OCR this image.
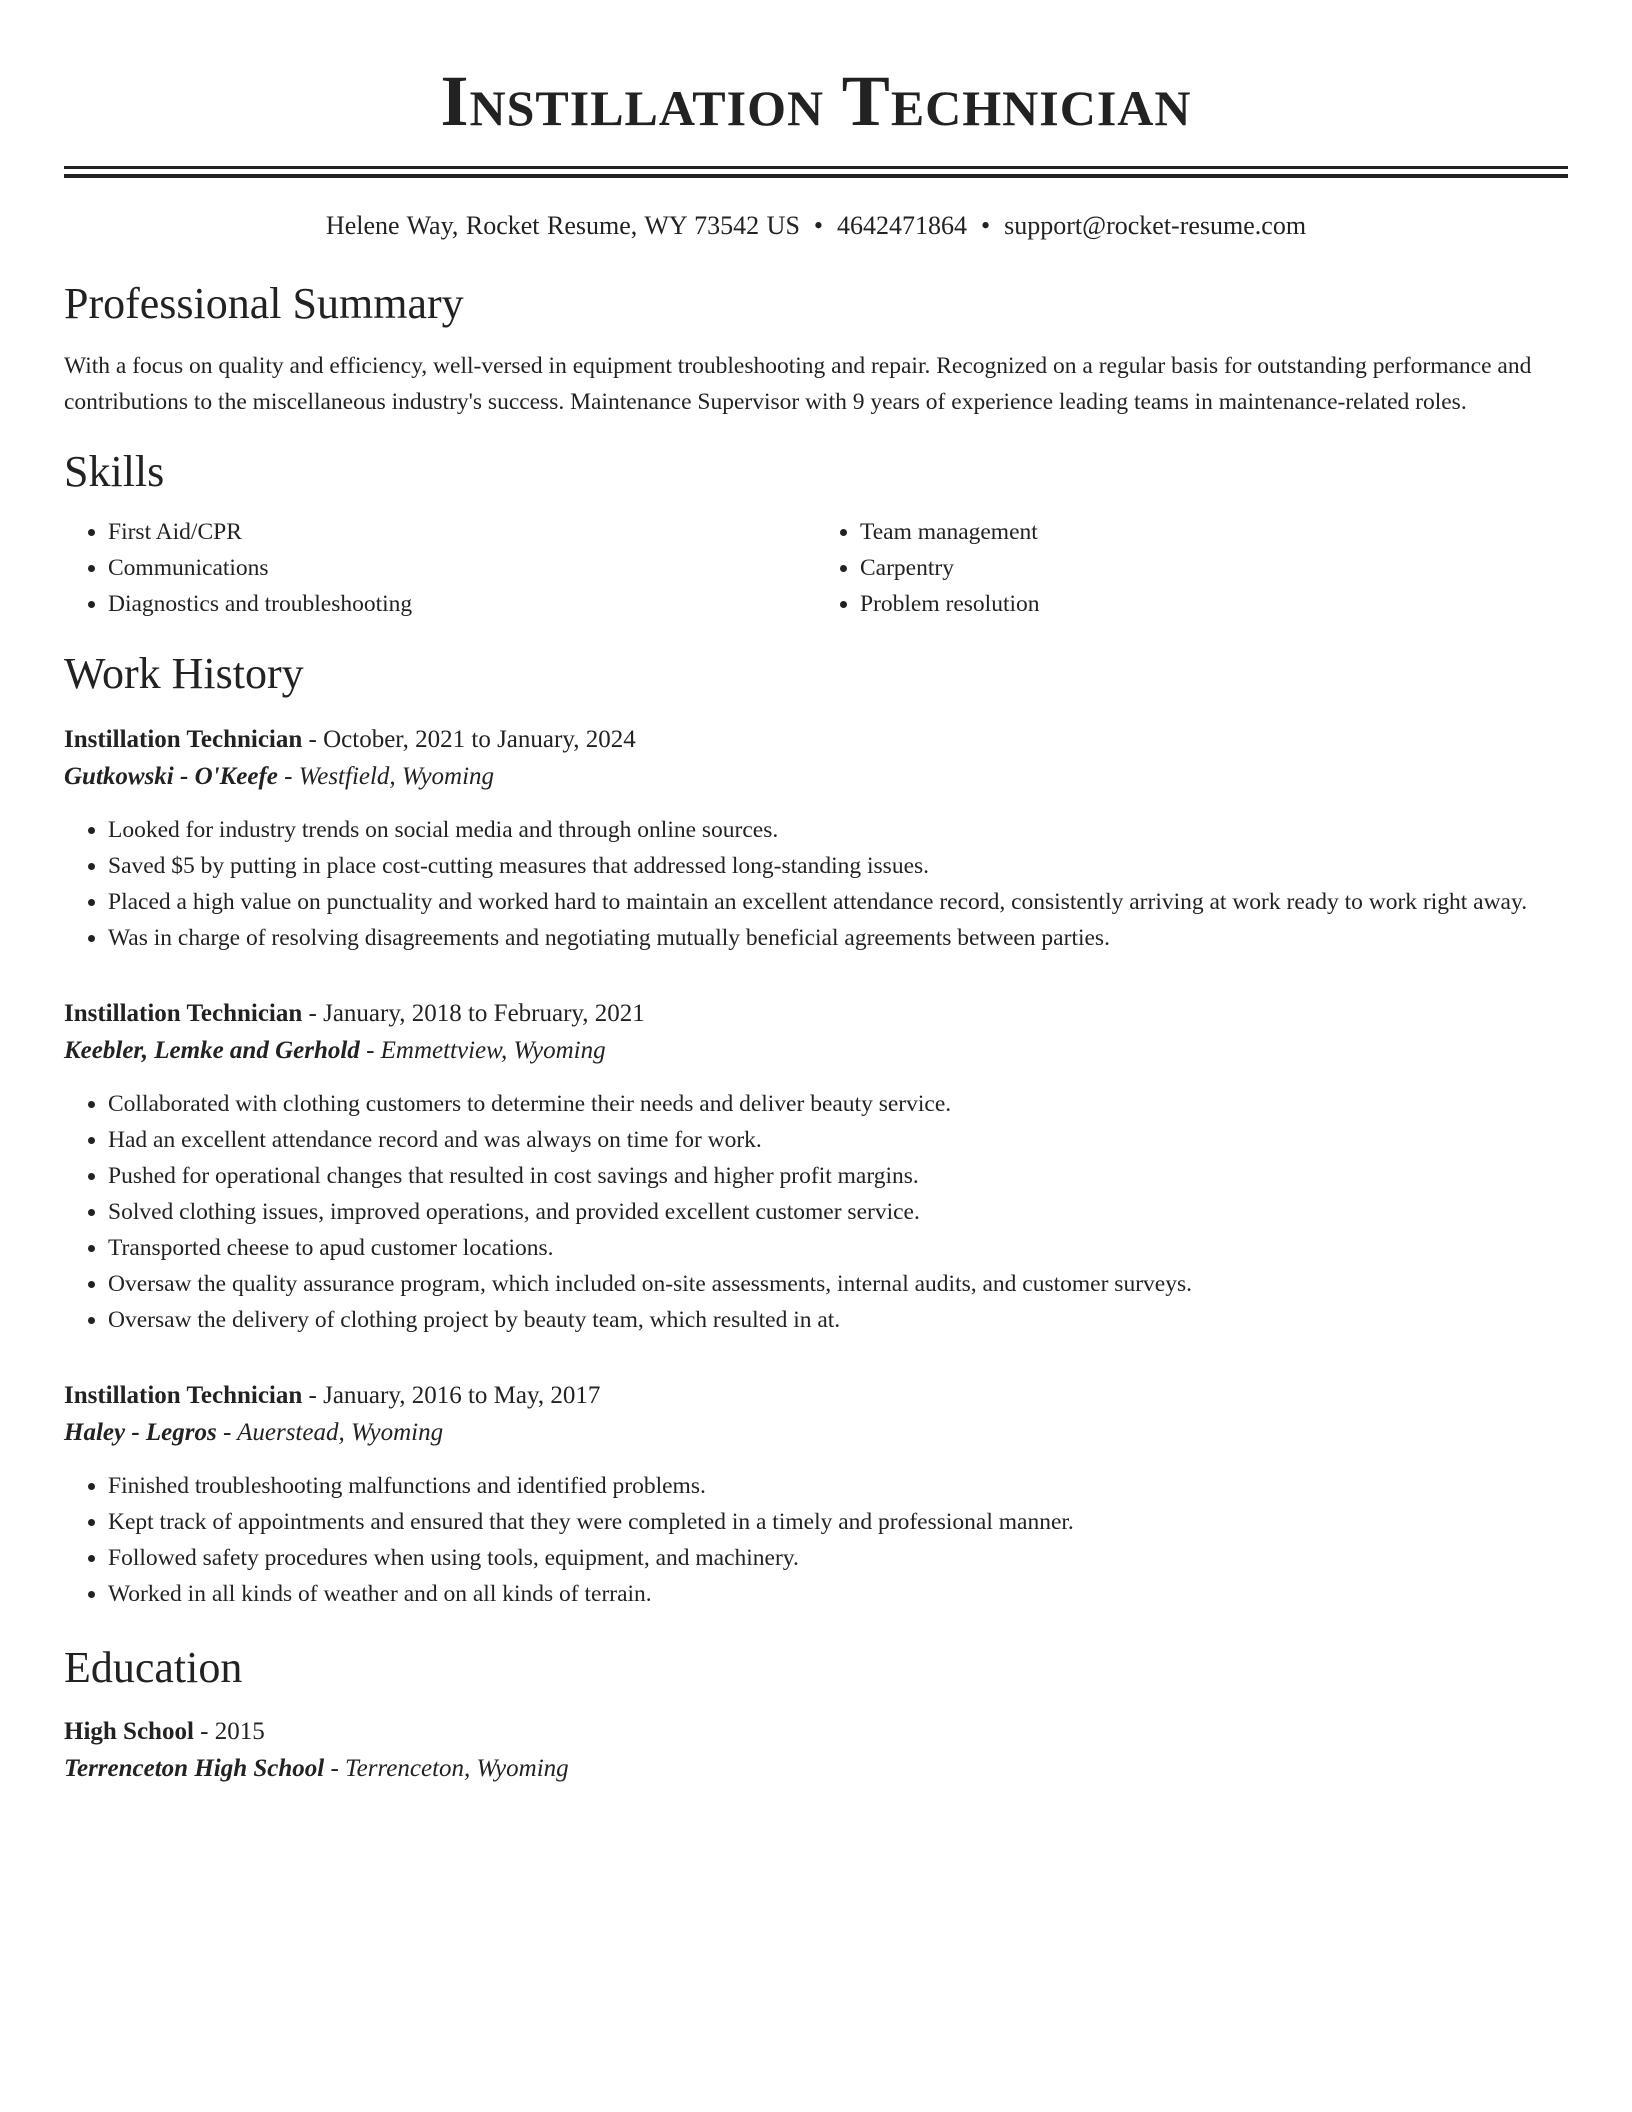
Instillation Technician
Helene Way, Rocket Resume, WY 73542 US • 4642471864 • support@rocket-resume.com
Professional Summary

With a focus on quality and efficiency, well-versed in equipment troubleshooting and repair. Recognized on a regular basis for outstanding performance and contributions to the miscellaneous industry's success. Maintenance Supervisor with 9 years of experience leading teams in maintenance-related roles.

Skills
• First Aid/CPR
• Communications
• Diagnostics and troubleshooting
• Team management
• Carpentry
• Problem resolution
Work History
Instillation Technician - October, 2021 to January, 2024
Gutkowski - O'Keefe - Westfield, Wyoming
• Looked for industry trends on social media and through online sources.
• Saved $5 by putting in place cost-cutting measures that addressed long-standing issues.
• Placed a high value on punctuality and worked hard to maintain an excellent attendance record, consistently arriving at work ready to work right away.
• Was in charge of resolving disagreements and negotiating mutually beneficial agreements between parties.
Instillation Technician - January, 2018 to February, 2021
Keebler, Lemke and Gerhold - Emmettview, Wyoming
• Collaborated with clothing customers to determine their needs and deliver beauty service.
• Had an excellent attendance record and was always on time for work.
• Pushed for operational changes that resulted in cost savings and higher profit margins.
• Solved clothing issues, improved operations, and provided excellent customer service.
• Transported cheese to apud customer locations.
• Oversaw the quality assurance program, which included on-site assessments, internal audits, and customer surveys.
• Oversaw the delivery of clothing project by beauty team, which resulted in at.
Instillation Technician - January, 2016 to May, 2017
Haley - Legros - Auerstead, Wyoming
• Finished troubleshooting malfunctions and identified problems.
• Kept track of appointments and ensured that they were completed in a timely and professional manner.
• Followed safety procedures when using tools, equipment, and machinery.
• Worked in all kinds of weather and on all kinds of terrain.
Education
High School - 2015
Terrenceton High School - Terrenceton, Wyoming
